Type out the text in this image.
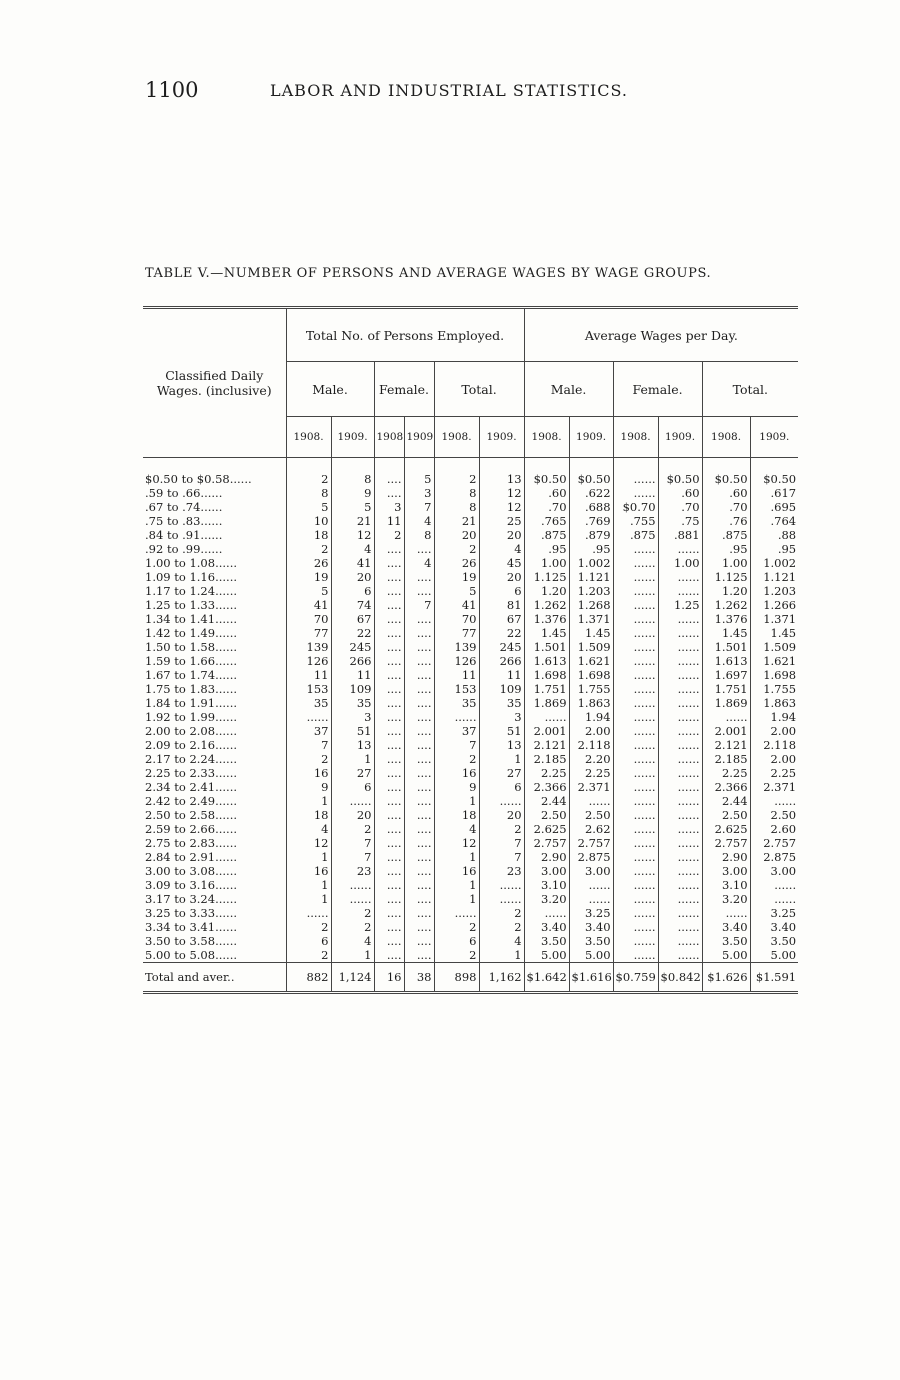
1100	LABOR AND INDUSTRIAL STATISTICS.
TABLE V.—NUMBER OF PERSONS AND AVERAGE WAGES BY WAGE GROUPS.
Classified Daily Wages. (inclusive)	Total No. of Persons Employed.						Average Wages per Day.					
	Male.		Female.		Total.		Male.		Female.		Total.	
	1908.	1909.	1908	1909	1908.	1909.	1908.	1909.	1908.	1909.	1908.	1909.

$0.50 to $0.58......	2	8	....	5	2	13	$0.50	$0.50	......	$0.50	$0.50	$0.50
.59 to .66......	8	9	....	3	8	12	.60	.622	......	.60	.60	.617
.67 to .74......	5	5	3	7	8	12	.70	.688	$0.70	.70	.70	.695
.75 to .83......	10	21	11	4	21	25	.765	.769	.755	.75	.76	.764
.84 to .91......	18	12	2	8	20	20	.875	.879	.875	.881	.875	.88
.92 to .99......	2	4	....	....	2	4	.95	.95	......	......	.95	.95
1.00 to 1.08......	26	41	....	4	26	45	1.00	1.002	......	1.00	1.00	1.002
1.09 to 1.16......	19	20	....	....	19	20	1.125	1.121	......	......	1.125	1.121
1.17 to 1.24......	5	6	....	....	5	6	1.20	1.203	......	......	1.20	1.203
1.25 to 1.33......	41	74	....	7	41	81	1.262	1.268	......	1.25	1.262	1.266
1.34 to 1.41......	70	67	....	....	70	67	1.376	1.371	......	......	1.376	1.371
1.42 to 1.49......	77	22	....	....	77	22	1.45	1.45	......	......	1.45	1.45
1.50 to 1.58......	139	245	....	....	139	245	1.501	1.509	......	......	1.501	1.509
1.59 to 1.66......	126	266	....	....	126	266	1.613	1.621	......	......	1.613	1.621
1.67 to 1.74......	11	11	....	....	11	11	1.698	1.698	......	......	1.697	1.698
1.75 to 1.83......	153	109	....	....	153	109	1.751	1.755	......	......	1.751	1.755
1.84 to 1.91......	35	35	....	....	35	35	1.869	1.863	......	......	1.869	1.863
1.92 to 1.99......	......	3	....	....	......	3	......	1.94	......	......	......	1.94
2.00 to 2.08......	37	51	....	....	37	51	2.001	2.00	......	......	2.001	2.00
2.09 to 2.16......	7	13	....	....	7	13	2.121	2.118	......	......	2.121	2.118
2.17 to 2.24......	2	1	....	....	2	1	2.185	2.20	......	......	2.185	2.00
2.25 to 2.33......	16	27	....	....	16	27	2.25	2.25	......	......	2.25	2.25
2.34 to 2.41......	9	6	....	....	9	6	2.366	2.371	......	......	2.366	2.371
2.42 to 2.49......	1	......	....	....	1	......	2.44	......	......	......	2.44	......
2.50 to 2.58......	18	20	....	....	18	20	2.50	2.50	......	......	2.50	2.50
2.59 to 2.66......	4	2	....	....	4	2	2.625	2.62	......	......	2.625	2.60
2.75 to 2.83......	12	7	....	....	12	7	2.757	2.757	......	......	2.757	2.757
2.84 to 2.91......	1	7	....	....	1	7	2.90	2.875	......	......	2.90	2.875
3.00 to 3.08......	16	23	....	....	16	23	3.00	3.00	......	......	3.00	3.00
3.09 to 3.16......	1	......	....	....	1	......	3.10	......	......	......	3.10	......
3.17 to 3.24......	1	......	....	....	1	......	3.20	......	......	......	3.20	......
3.25 to 3.33......	......	2	....	....	......	2	......	3.25	......	......	......	3.25
3.34 to 3.41......	2	2	....	....	2	2	3.40	3.40	......	......	3.40	3.40
3.50 to 3.58......	6	4	....	....	6	4	3.50	3.50	......	......	3.50	3.50
5.00 to 5.08......	2	1	....	....	2	1	5.00	5.00	......	......	5.00	5.00
Total and aver..	882	1,124	16	38	898	1,162	$1.642	$1.616	$0.759	$0.842	$1.626	$1.591
